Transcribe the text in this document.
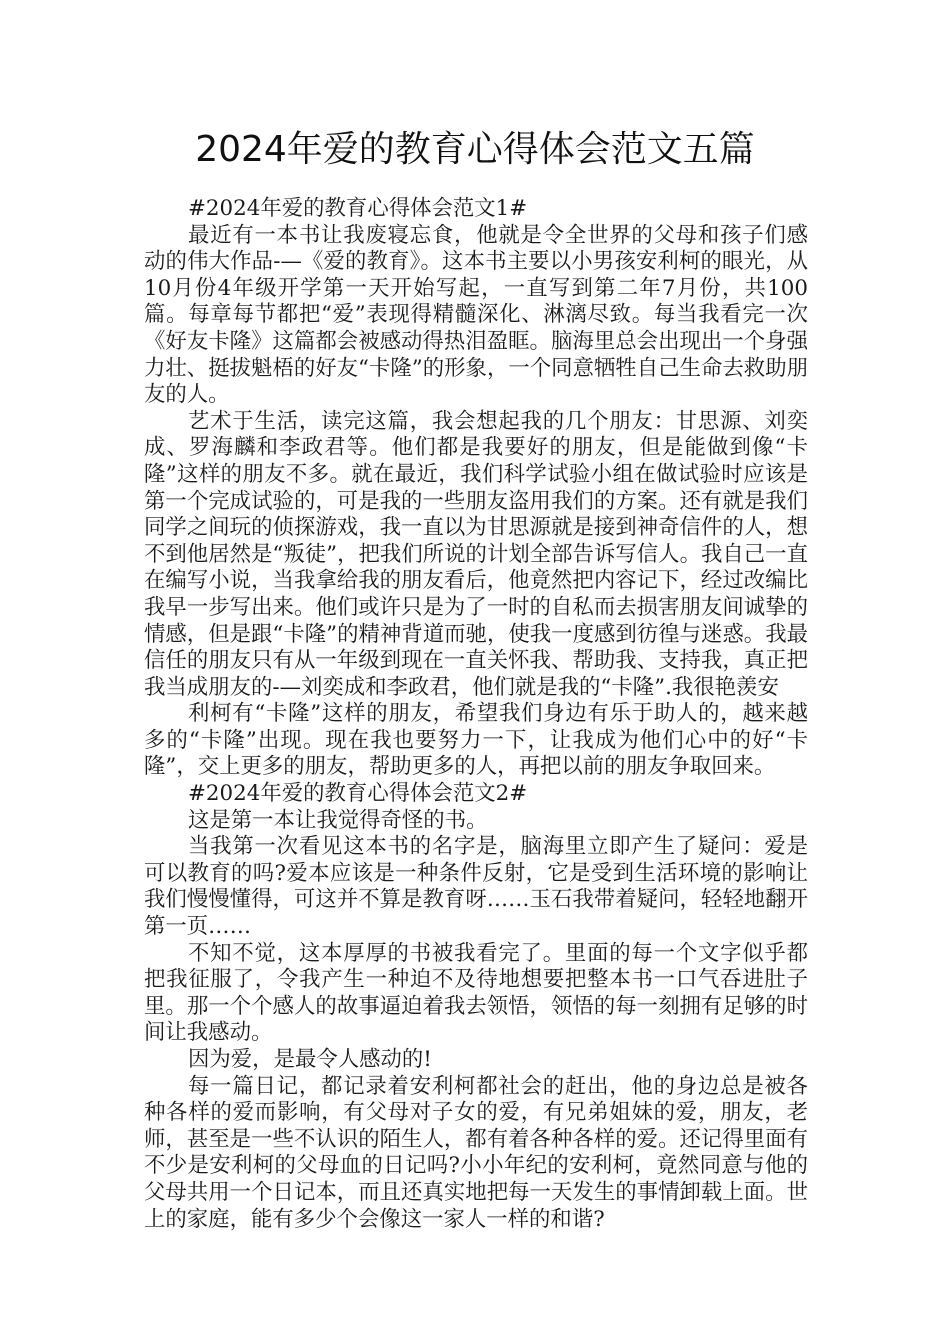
2024年爱的教育心得体会范文五篇

#2024年爱的教育心得体会范文1#

最近有一本书让我废寝忘食，他就是令全世界的父母和孩子们感动的伟大作品-—《爱的教育》。这本书主要以小男孩安利柯的眼光，从10月份4年级开学第一天开始写起，一直写到第二年7月份，共100篇。每章每节都把“爱”表现得精髓深化、淋漓尽致。每当我看完一次《好友卡隆》这篇都会被感动得热泪盈眶。脑海里总会出现出一个身强力壮、挺拔魁梧的好友“卡隆”的形象，一个同意牺牲自己生命去救助朋友的人。

艺术于生活，读完这篇，我会想起我的几个朋友：甘思源、刘奕成、罗海麟和李政君等。他们都是我要好的朋友，但是能做到像“卡隆”这样的朋友不多。就在最近，我们科学试验小组在做试验时应该是第一个完成试验的，可是我的一些朋友盗用我们的方案。还有就是我们同学之间玩的侦探游戏，我一直以为甘思源就是接到神奇信件的人，想不到他居然是“叛徒”，把我们所说的计划全部告诉写信人。我自己一直在编写小说，当我拿给我的朋友看后，他竟然把内容记下，经过改编比我早一步写出来。他们或许只是为了一时的自私而去损害朋友间诚挚的情感，但是跟“卡隆”的精神背道而驰，使我一度感到彷徨与迷惑。我最信任的朋友只有从一年级到现在一直关怀我、帮助我、支持我，真正把我当成朋友的-—刘奕成和李政君，他们就是我的“卡隆”.我很艳羡安

利柯有“卡隆”这样的朋友，希望我们身边有乐于助人的，越来越多的“卡隆”出现。现在我也要努力一下，让我成为他们心中的好“卡隆”，交上更多的朋友，帮助更多的人，再把以前的朋友争取回来。

#2024年爱的教育心得体会范文2#

这是第一本让我觉得奇怪的书。

当我第一次看见这本书的名字是，脑海里立即产生了疑问：爱是可以教育的吗?爱本应该是一种条件反射，它是受到生活环境的影响让我们慢慢懂得，可这并不算是教育呀……玉石我带着疑问，轻轻地翻开第一页……

不知不觉，这本厚厚的书被我看完了。里面的每一个文字似乎都把我征服了，令我产生一种迫不及待地想要把整本书一口气吞进肚子里。那一个个感人的故事逼迫着我去领悟，领悟的每一刻拥有足够的时间让我感动。

因为爱，是最令人感动的!

每一篇日记，都记录着安利柯都社会的赶出，他的身边总是被各种各样的爱而影响，有父母对子女的爱，有兄弟姐妹的爱，朋友，老师，甚至是一些不认识的陌生人，都有着各种各样的爱。还记得里面有不少是安利柯的父母血的日记吗?小小年纪的安利柯，竟然同意与他的父母共用一个日记本，而且还真实地把每一天发生的事情卸载上面。世上的家庭，能有多少个会像这一家人一样的和谐?
